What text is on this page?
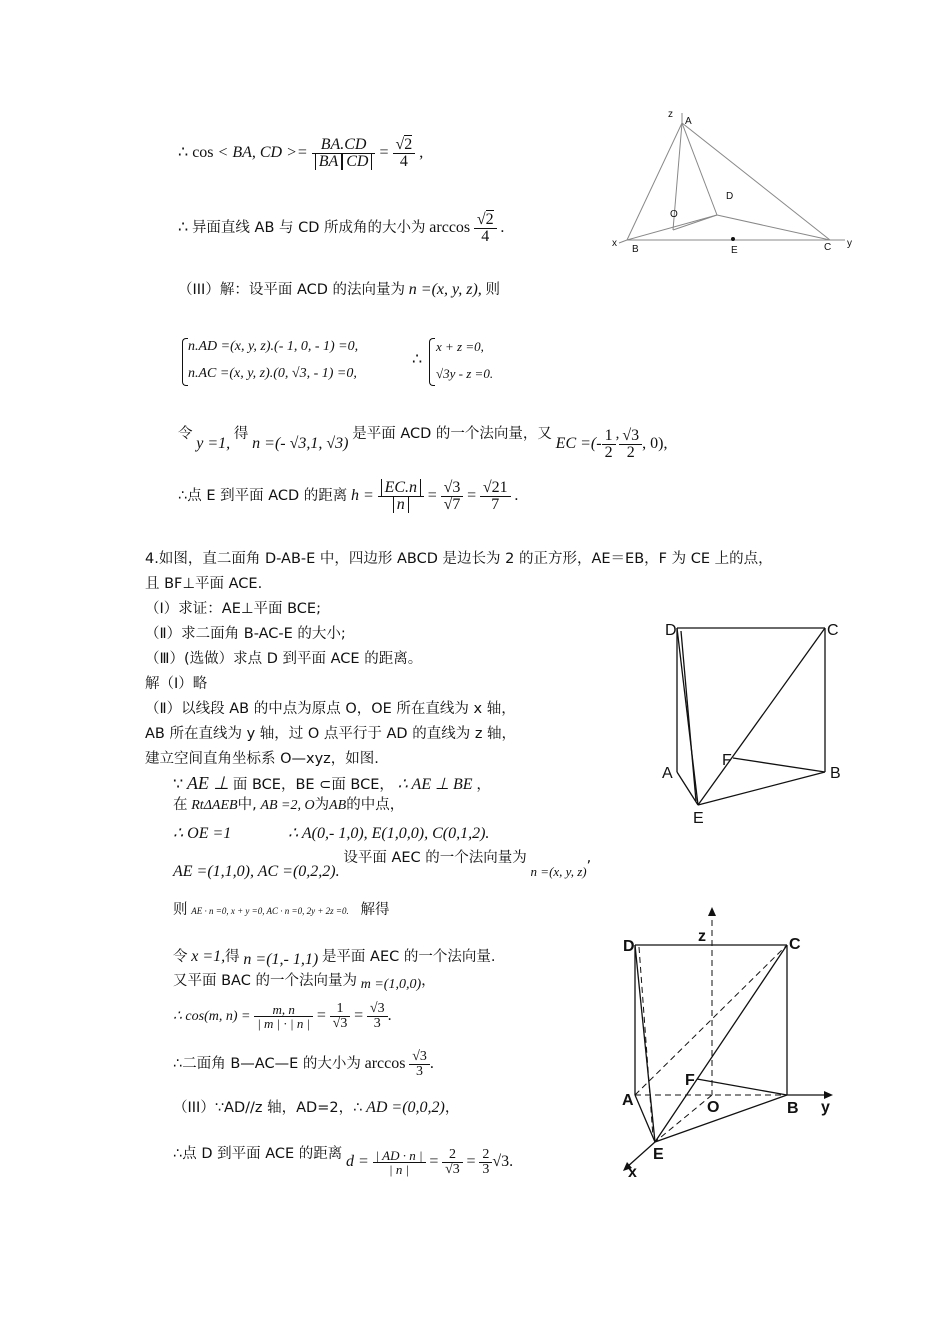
z
A
D
O
x
B	E	C y
∴ cos < BA, CD >= $\frac{BA.CD}{\text{BA CD}} = \frac{√2}{4}$ ,
∴ 异面直线 AB 与 CD 所成角的大小为 $\arccos \frac{√2}{4}$ .
（III）解：设平面 ACD 的法向量为 n =(x, y, z), 则
n.AD =(x, y, z).(- 1, 0, - 1) =0,
n.AC =(x, y, z).(0, √3, - 1) =0,
∴
x + z =0,
√3y - z =0.
令 y =1, 得 n =(- √3,1, √3) 是平面 ACD 的一个法向量，又 EC =(- $\frac{1}{2}$ , $\frac{√3}{2}$ , 0),
∴点 E 到平面 ACD 的距离 $h = \frac{EC.n}{n} = \frac{√3}{√7} = \frac{√21}{7}$ .
4.如图，直二面角 D-AB-E 中，四边形 ABCD 是边长为 2 的正方形，AE＝EB，F 为 CE 上的点，
且 BF⊥平面 ACE.
（Ⅰ）求证：AE⊥平面 BCE;
（Ⅱ）求二面角 B-AC-E 的大小;
（Ⅲ）(选做）求点 D 到平面 ACE 的距离。
解（Ⅰ）略
（Ⅱ）以线段 AB 的中点为原点 O，OE 所在直线为 x 轴，
AB 所在直线为 y 轴，过 O 点平行于 AD 的直线为 z 轴，
建立空间直角坐标系 O—xyz，如图.
D	C
A
F
B
E
∵ AE ⊥ 面 BCE，BE ⊂面 BCE， ∴ AE ⊥ BE ，
在 RtΔAEB中, AB =2, O为AB的中点，
∴ OE =1	∴ A(0,- 1,0), E(1,0,0), C(0,1,2).
AE =(1,1,0), AC =(0,2,2). 设平面 AEC 的一个法向量为 n =(x, y, z),
则 AE · n =0, x + y =0, AC · n =0, 2y + 2z =0. 解得
令 x =1,得 n =(1,- 1,1) 是平面 AEC 的一个法向量.
又平面 BAC 的一个法向量为 m =(1,0,0)，
∴ cos(m, $n) = \frac{m, n}{| m | \cdot | n |} = \frac{1}{√3} = \frac{√3}{3}$ .
∴二面角 B—AC—E 的大小为 $\arccos \frac{√3}{3}$ .
（III）∵AD//z 轴，AD=2，∴ AD =(0,0,2)，
∴点 D 到平面 ACE 的距离 $d = \frac{| AD \cdot n |}{| n |} = \frac{2}{√3} = \frac{2}{3} √3$.
z
D	C
F
A	O	B y
E
x
